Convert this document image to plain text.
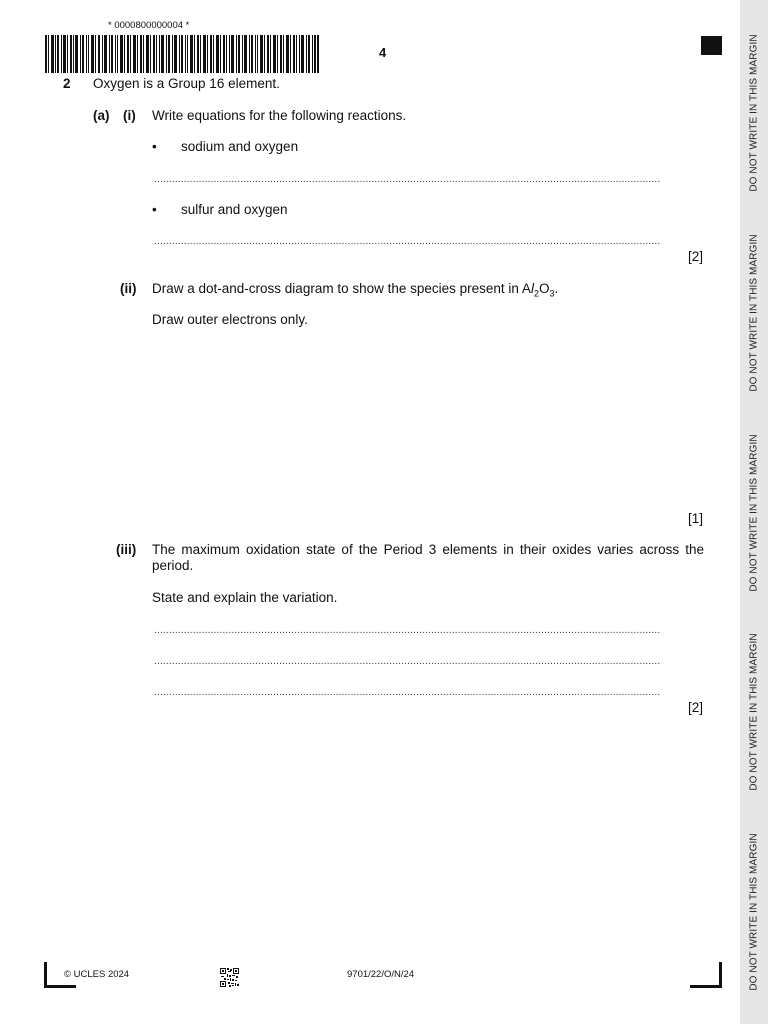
DO NOT WRITE IN THIS MARGIN
DO NOT WRITE IN THIS MARGIN
DO NOT WRITE IN THIS MARGIN
DO NOT WRITE IN THIS MARGIN
DO NOT WRITE IN THIS MARGIN
* 0000800000004 *
4
2 Oxygen is a Group 16 element.
(a) (i) Write equations for the following reactions.
• sodium and oxygen
..........................................................................................................................................................................
• sulfur and oxygen
..........................................................................................................................................................................
[2]
(ii) Draw a dot-and-cross diagram to show the species present in $Al_2O_3$.
Draw outer electrons only.
[1]
(iii) The maximum oxidation state of the Period 3 elements in their oxides varies across the
period.
State and explain the variation.
..........................................................................................................................................................................
..........................................................................................................................................................................
..........................................................................................................................................................................
[2]
© UCLES 2024	9701/22/O/N/24
